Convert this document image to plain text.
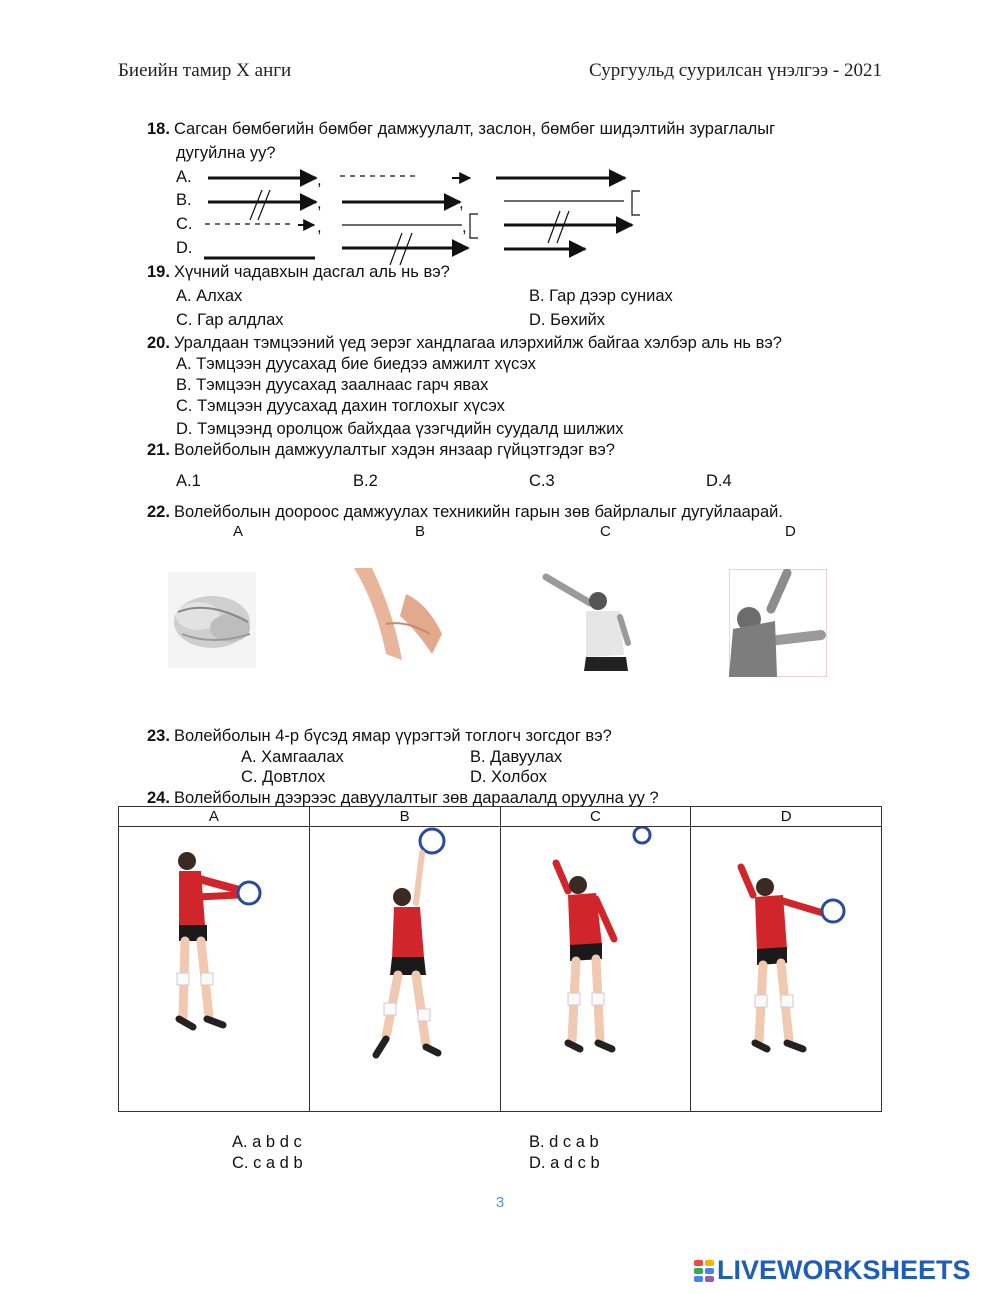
Биеийн тамир X анги	Сургуульд суурилсан үнэлгээ - 2021
18. Сагсан бөмбөгийн бөмбөг дамжуулалт, заслон, бөмбөг шидэлтийн зураглалыг
дугуйлна уу?
A.
B.
C.
D.
,
,
,
,
,
19. Хүчний чадавхын дасгал аль нь вэ?
A. Алхах	B. Гар дээр суниах
C. Гар алдлах	D. Бөхийх
20. Уралдаан тэмцээний үед эерэг хандлагаа илэрхийлж байгаа хэлбэр аль нь вэ?
A. Тэмцээн дуусахад бие биедээ амжилт хүсэх
B. Тэмцээн дуусахад заалнаас гарч явах
C. Тэмцээн дуусахад дахин тоглохыг хүсэх
D. Тэмцээнд оролцож байхдаа үзэгчдийн суудалд шилжих
21. Волейболын дамжуулалтыг хэдэн янзаар гүйцэтгэдэг вэ?
A.1	B.2	C.3	D.4
22. Волейболын доороос дамжуулах техникийн гарын зөв байрлалыг дугуйлаарай.
A	B	C	D
23. Волейболын 4-р бүсэд ямар үүрэгтэй тоглогч зогсдог вэ?
A. Хамгаалах	B. Давуулах
C. Довтлох	D. Холбох
24. Волейболын дээрээс давуулалтыг зөв дараалалд оруулна уу ?
A	B	C	D

A. a b d c	B. d c a b
C. c a d b	D. a d c b
3
LIVEWORKSHEETS
